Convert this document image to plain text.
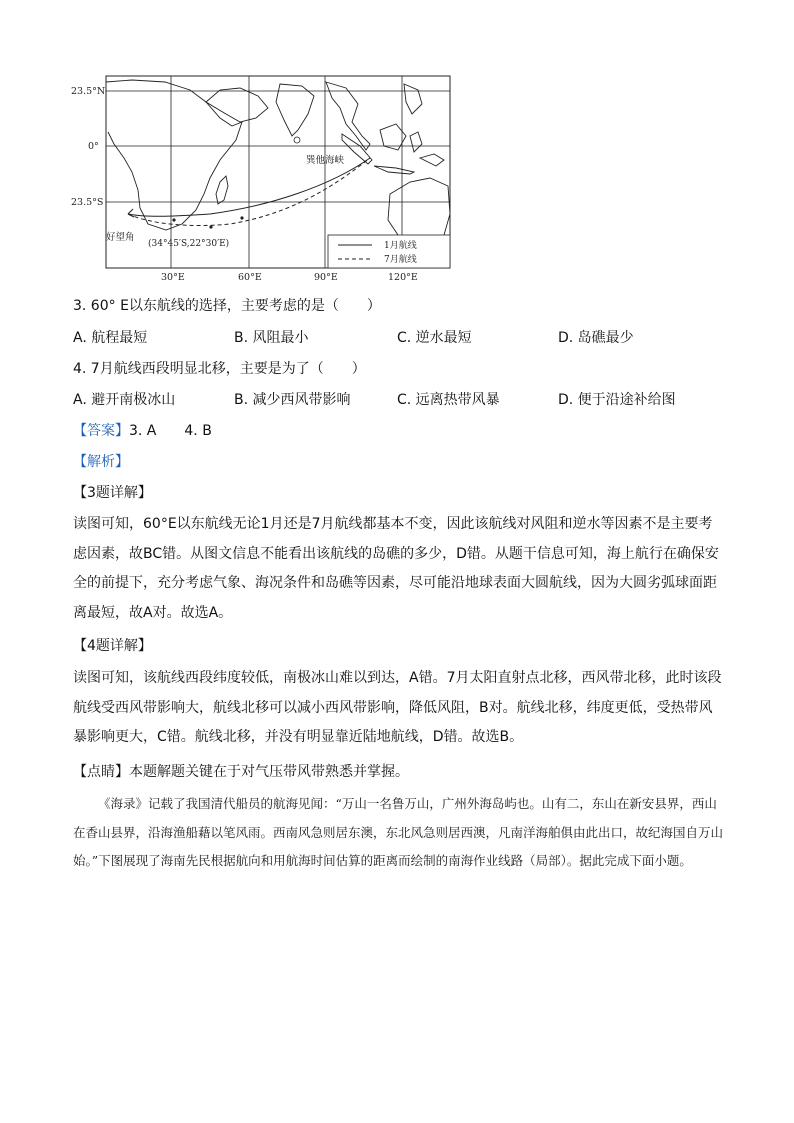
23.5°N
0°
23.5°S
30°E	60°E	90°E	120°E
巽他海峡
好望角
(34°45′S,22°30′E)	1月航线
7月航线
3. 60° E以东航线的选择，主要考虑的是（　　）
A. 航程最短	B. 风阻最小	C. 逆水最短	D. 岛礁最少
4. 7月航线西段明显北移，主要是为了（　　）
A. 避开南极冰山	B. 减少西风带影响	C. 远离热带风暴	D. 便于沿途补给图
【答案】3. A　　4. B
【解析】
【3题详解】
读图可知，60°E以东航线无论1月还是7月航线都基本不变，因此该航线对风阻和逆水等因素不是主要考虑因素，故BC错。从图文信息不能看出该航线的岛礁的多少，D错。从题干信息可知，海上航行在确保安全的前提下，充分考虑气象、海况条件和岛礁等因素，尽可能沿地球表面大圆航线，因为大圆劣弧球面距离最短，故A对。故选A。
【4题详解】
读图可知，该航线西段纬度较低，南极冰山难以到达，A错。7月太阳直射点北移，西风带北移，此时该段航线受西风带影响大，航线北移可以减小西风带影响，降低风阻，B对。航线北移，纬度更低，受热带风暴影响更大，C错。航线北移，并没有明显靠近陆地航线，D错。故选B。
【点睛】本题解题关键在于对气压带风带熟悉并掌握。
《海录》记载了我国清代船员的航海见闻：“万山一名鲁万山，广州外海岛屿也。山有二，东山在新安县界，西山在香山县界，沿海渔船藉以笔风雨。西南风急则居东澳，东北风急则居西澳，凡南洋海舶俱由此出口，故纪海国自万山始。”下图展现了海南先民根据航向和用航海时间估算的距离而绘制的南海作业线路（局部）。据此完成下面小题。
